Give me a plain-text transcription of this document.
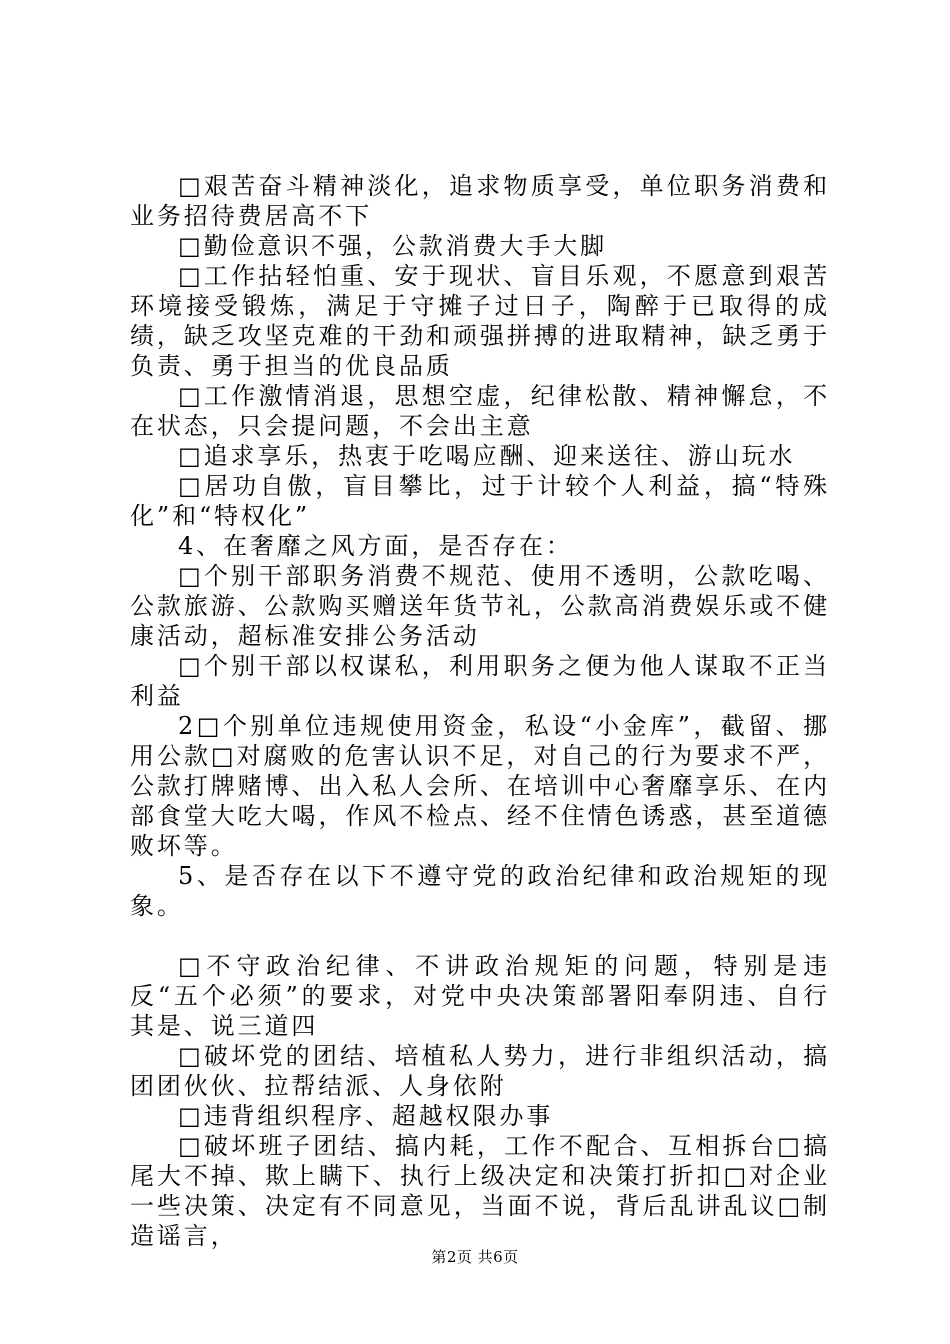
□艰苦奋斗精神淡化，追求物质享受，单位职务消费和业务招待费居高不下

□勤俭意识不强，公款消费大手大脚

□工作拈轻怕重、安于现状、盲目乐观，不愿意到艰苦环境接受锻炼，满足于守摊子过日子，陶醉于已取得的成绩，缺乏攻坚克难的干劲和顽强拼搏的进取精神，缺乏勇于负责、勇于担当的优良品质

□工作激情消退，思想空虚，纪律松散、精神懈怠，不在状态，只会提问题，不会出主意

□追求享乐，热衷于吃喝应酬、迎来送往、游山玩水

□居功自傲，盲目攀比，过于计较个人利益，搞“特殊化”和“特权化”

4、在奢靡之风方面，是否存在：

□个别干部职务消费不规范、使用不透明，公款吃喝、公款旅游、公款购买赠送年货节礼，公款高消费娱乐或不健康活动，超标准安排公务活动

□个别干部以权谋私，利用职务之便为他人谋取不正当利益

2□个别单位违规使用资金，私设“小金库”，截留、挪用公款□对腐败的危害认识不足，对自己的行为要求不严，公款打牌赌博、出入私人会所、在培训中心奢靡享乐、在内部食堂大吃大喝，作风不检点、经不住情色诱惑，甚至道德败坏等。

5、是否存在以下不遵守党的政治纪律和政治规矩的现象。

□不守政治纪律、不讲政治规矩的问题，特别是违反“五个必须”的要求，对党中央决策部署阳奉阴违、自行其是、说三道四

□破坏党的团结、培植私人势力，进行非组织活动，搞团团伙伙、拉帮结派、人身依附

□违背组织程序、超越权限办事

□破坏班子团结、搞内耗，工作不配合、互相拆台□搞尾大不掉、欺上瞒下、执行上级决定和决策打折扣□对企业一些决策、决定有不同意见，当面不说，背后乱讲乱议□制造谣言，

第2页 共6页
